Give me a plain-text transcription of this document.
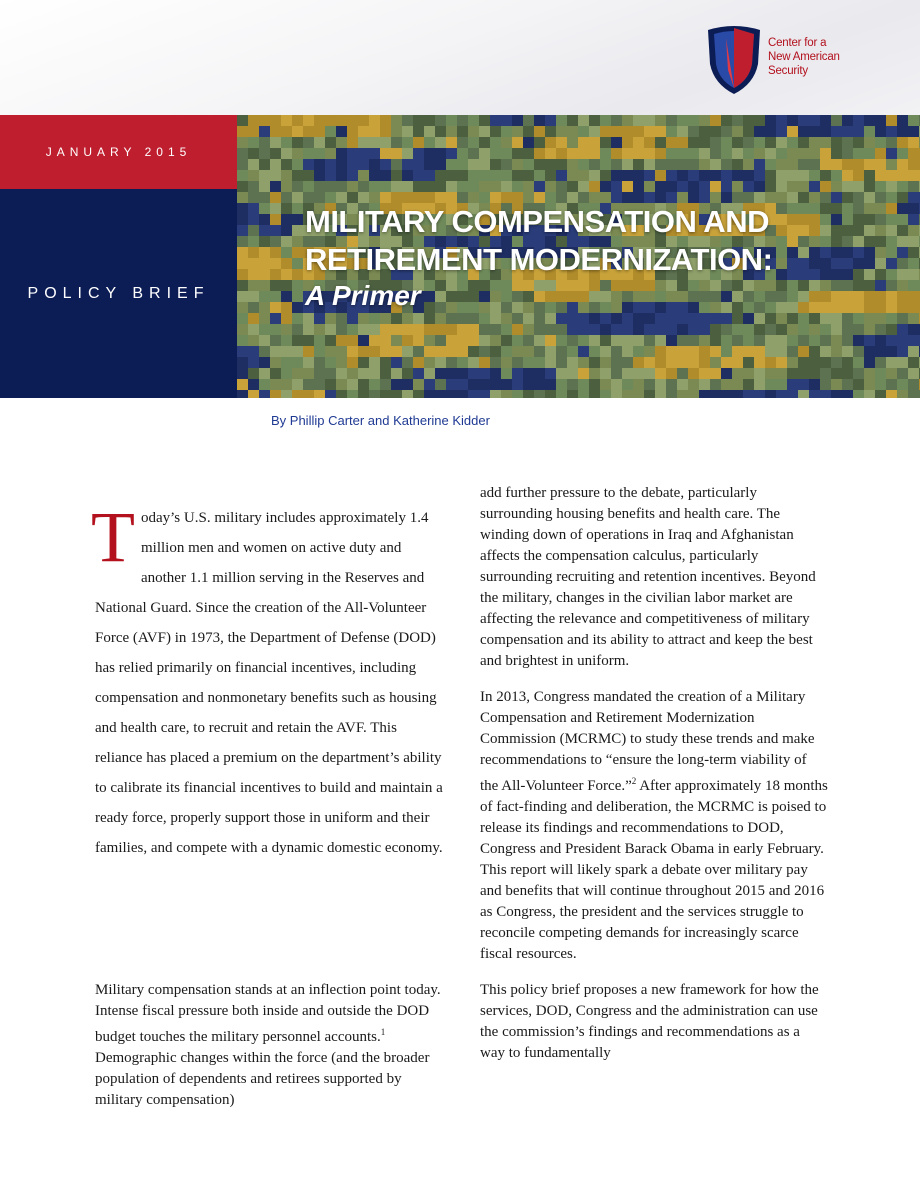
Center for a
New American
Security
JANUARY 2015
POLICY BRIEF
MILITARY COMPENSATION AND
RETIREMENT MODERNIZATION:
A Primer
By Phillip Carter and Katherine Kidder

Today’s U.S. military includes approximately 1.4 million men and women on active duty and another 1.1 million serving in the Reserves and National Guard. Since the creation of the All-Volunteer Force (AVF) in 1973, the Department of Defense (DOD) has relied primarily on financial incentives, including compensation and nonmonetary benefits such as housing and health care, to recruit and retain the AVF. This reliance has placed a premium on the department’s ability to calibrate its financial incentives to build and maintain a ready force, properly support those in uniform and their families, and compete with a dynamic domestic economy.

Military compensation stands at an inflection point today. Intense fiscal pressure both inside and outside the DOD budget touches the military personnel accounts.$^1$ Demographic changes within the force (and the broader population of dependents and retirees supported by military compensation)

add further pressure to the debate, particularly surrounding housing benefits and health care. The winding down of operations in Iraq and Afghanistan affects the compensation calculus, particularly surrounding recruiting and retention incentives. Beyond the military, changes in the civilian labor market are affecting the relevance and competitiveness of military compensation and its ability to attract and keep the best and brightest in uniform.

In 2013, Congress mandated the creation of a Military Compensation and Retirement Modernization Commission (MCRMC) to study these trends and make recommendations to “ensure the long-term viability of the All-Volunteer Force.”$^2$ After approximately 18 months of fact-finding and deliberation, the MCRMC is poised to release its findings and recommendations to DOD, Congress and President Barack Obama in early February. This report will likely spark a debate over military pay and benefits that will continue throughout 2015 and 2016 as Congress, the president and the services struggle to reconcile competing demands for increasingly scarce fiscal resources.

This policy brief proposes a new framework for how the services, DOD, Congress and the administration can use the commission’s findings and recommendations as a way to fundamentally
